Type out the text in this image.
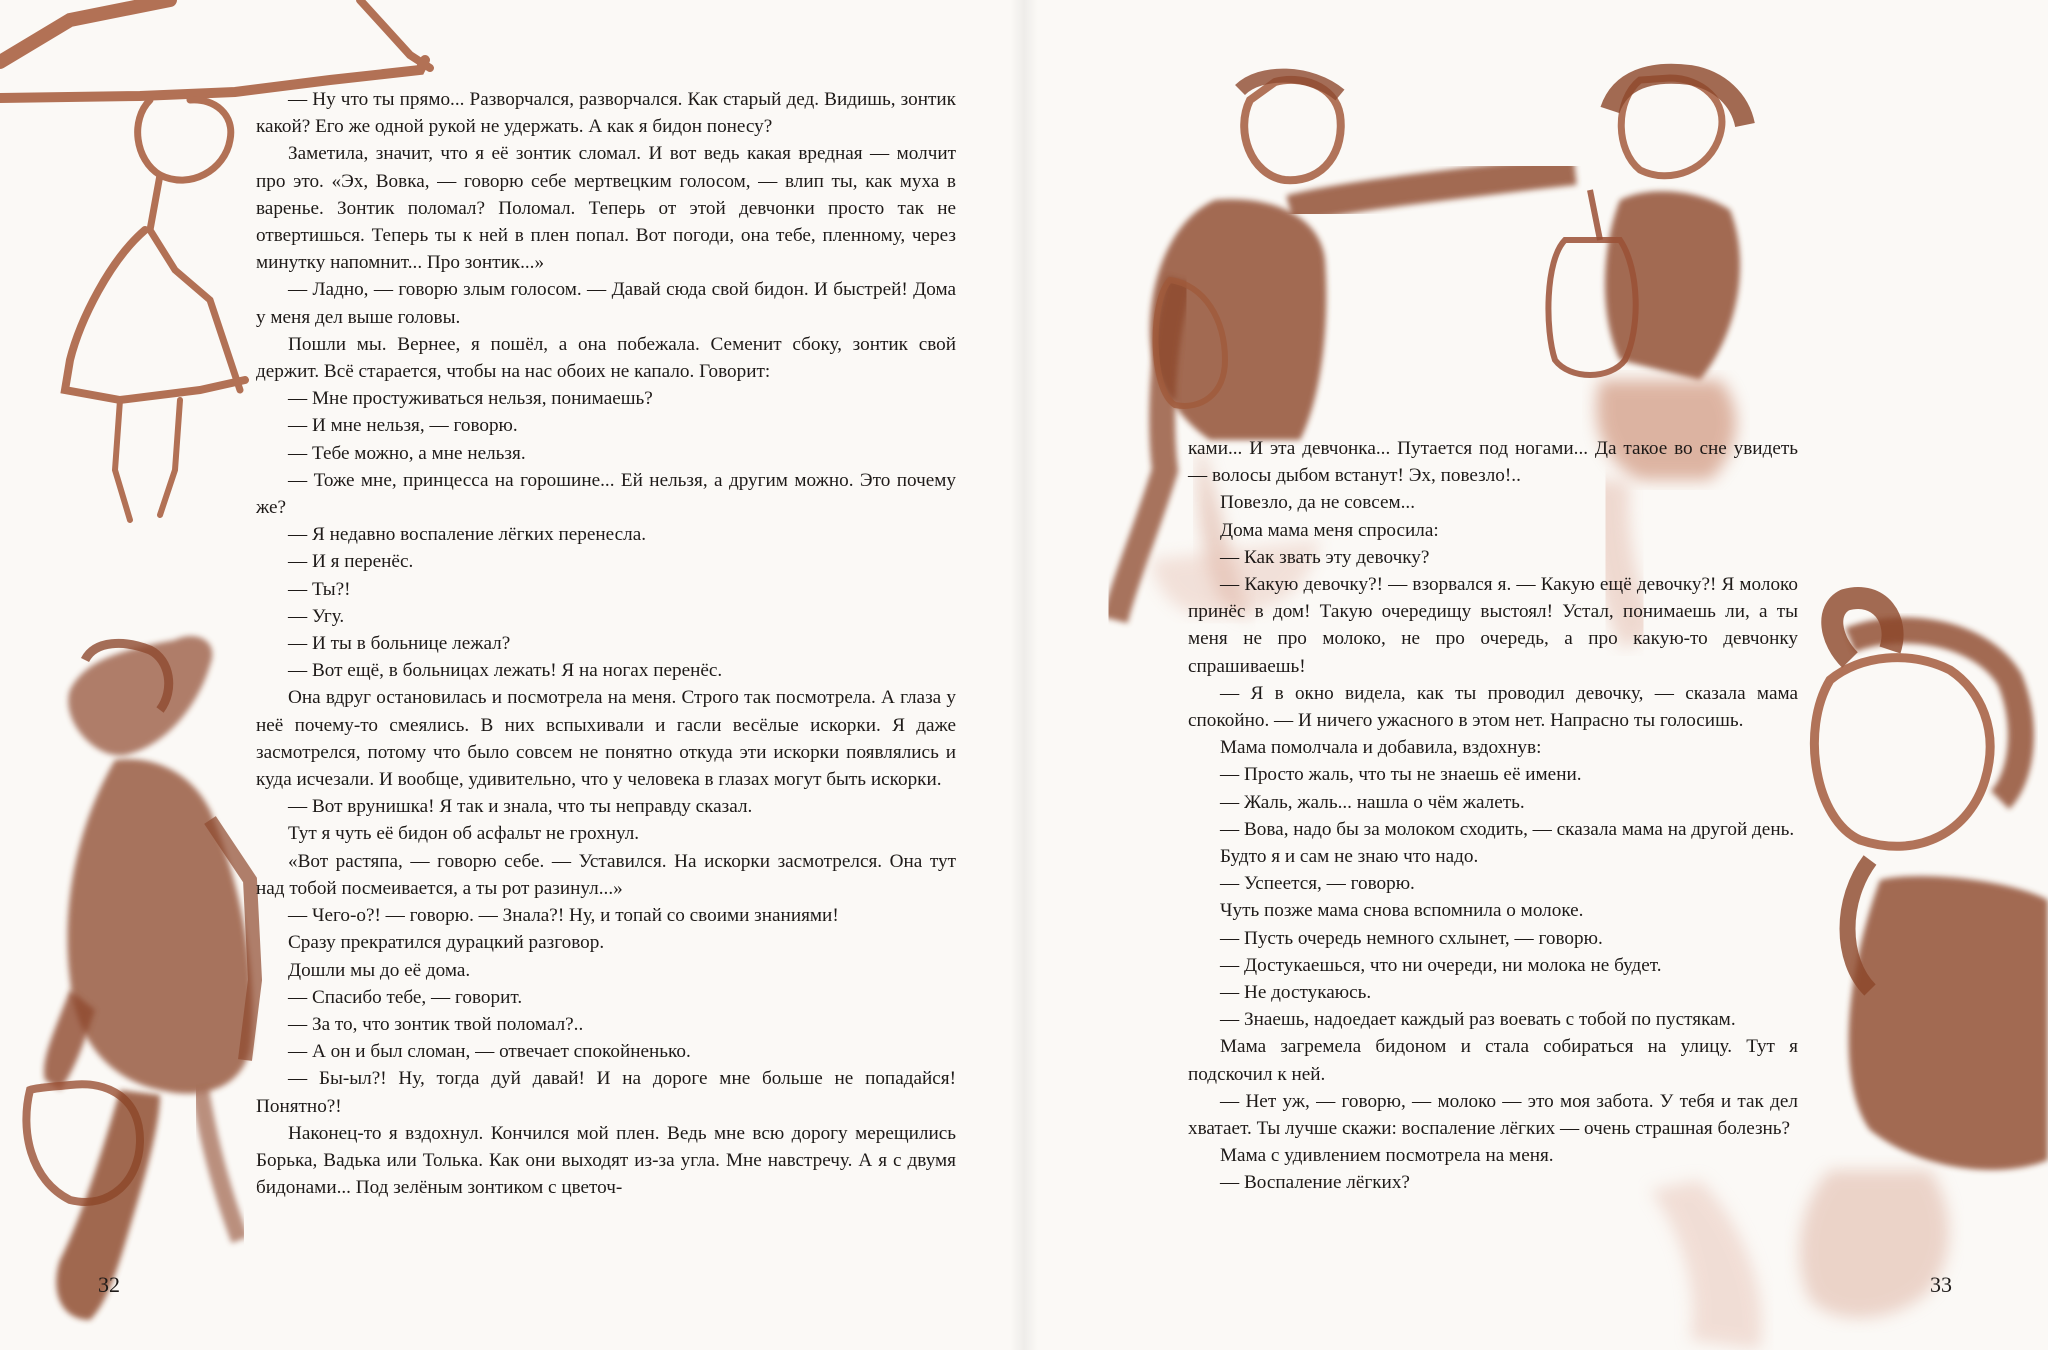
— Ну что ты прямо... Разворчался, разворчался. Как старый дед. Видишь, зонтик какой? Его же одной рукой не удержать. А как я бидон понесу?

Заметила, значит, что я её зонтик сломал. И вот ведь какая вредная — молчит про это. «Эх, Вовка, — говорю себе мертвецким голосом, — влип ты, как муха в варенье. Зонтик поломал? Поломал. Теперь от этой девчонки просто так не отвертишься. Теперь ты к ней в плен попал. Вот погоди, она тебе, пленному, через минутку напомнит... Про зонтик...»

— Ладно, — говорю злым голосом. — Давай сюда свой бидон. И быстрей! Дома у меня дел выше головы.

Пошли мы. Вернее, я пошёл, а она побежала. Семенит сбоку, зонтик свой держит. Всё старается, чтобы на нас обоих не капало. Говорит:

— Мне простуживаться нельзя, понимаешь?

— И мне нельзя, — говорю.

— Тебе можно, а мне нельзя.

— Тоже мне, принцесса на горошине... Ей нельзя, а другим можно. Это почему же?

— Я недавно воспаление лёгких перенесла.

— И я перенёс.

— Ты?!

— Угу.

— И ты в больнице лежал?

— Вот ещё, в больницах лежать! Я на ногах перенёс.

Она вдруг остановилась и посмотрела на меня. Строго так посмотрела. А глаза у неё почему-то смеялись. В них вспыхивали и гасли весёлые искорки. Я даже засмотрелся, потому что было совсем не понятно откуда эти искорки появлялись и куда исчезали. И вообще, удивительно, что у человека в глазах могут быть искорки.

— Вот врунишка! Я так и знала, что ты неправду сказал.

Тут я чуть её бидон об асфальт не грохнул.

«Вот растяпа, — говорю себе. — Уставился. На искорки засмотрелся. Она тут над тобой посмеивается, а ты рот разинул...»

— Чего-о?! — говорю. — Знала?! Ну, и топай со своими знаниями!

Сразу прекратился дурацкий разговор.

Дошли мы до её дома.

— Спасибо тебе, — говорит.

— За то, что зонтик твой поломал?..

— А он и был сломан, — отвечает спокойненько.

— Бы-ыл?! Ну, тогда дуй давай! И на дороге мне больше не попадайся! Понятно?!

Наконец-то я вздохнул. Кончился мой плен. Ведь мне всю дорогу мерещились Борька, Вадька или Толька. Как они выходят из-за угла. Мне навстречу. А я с двумя бидонами... Под зелёным зонтиком с цветоч-

32	33

ками... И эта девчонка... Путается под ногами... Да такое во сне увидеть — волосы дыбом встанут! Эх, повезло!..

Повезло, да не совсем...

Дома мама меня спросила:

— Как звать эту девочку?

— Какую девочку?! — взорвался я. — Какую ещё девочку?! Я молоко принёс в дом! Такую очередищу выстоял! Устал, понимаешь ли, а ты меня не про молоко, не про очередь, а про какую-то девчонку спрашиваешь!

— Я в окно видела, как ты проводил девочку, — сказала мама спокойно. — И ничего ужасного в этом нет. Напрасно ты голосишь.

Мама помолчала и добавила, вздохнув:

— Просто жаль, что ты не знаешь её имени.

— Жаль, жаль... нашла о чём жалеть.

— Вова, надо бы за молоком сходить, — сказала мама на другой день.

Будто я и сам не знаю что надо.

— Успеется, — говорю.

Чуть позже мама снова вспомнила о молоке.

— Пусть очередь немного схлынет, — говорю.

— Достукаешься, что ни очереди, ни молока не будет.

— Не достукаюсь.

— Знаешь, надоедает каждый раз воевать с тобой по пустякам.

Мама загремела бидоном и стала собираться на улицу. Тут я подскочил к ней.

— Нет уж, — говорю, — молоко — это моя забота. У тебя и так дел хватает. Ты лучше скажи: воспаление лёгких — очень страшная болезнь?

Мама с удивлением посмотрела на меня.

— Воспаление лёгких?
